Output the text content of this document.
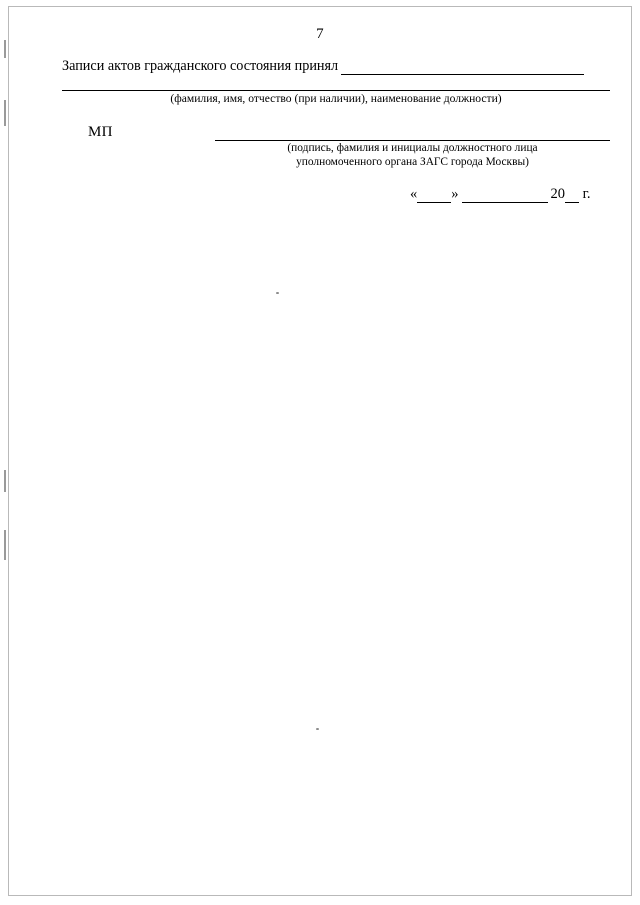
7
Записи актов гражданского состояния принял
(фамилия, имя, отчество (при наличии), наименование должности)
МП
(подпись, фамилия и инициалы должностного лица
уполномоченного органа ЗАГС города Москвы)
« »	20 г.
